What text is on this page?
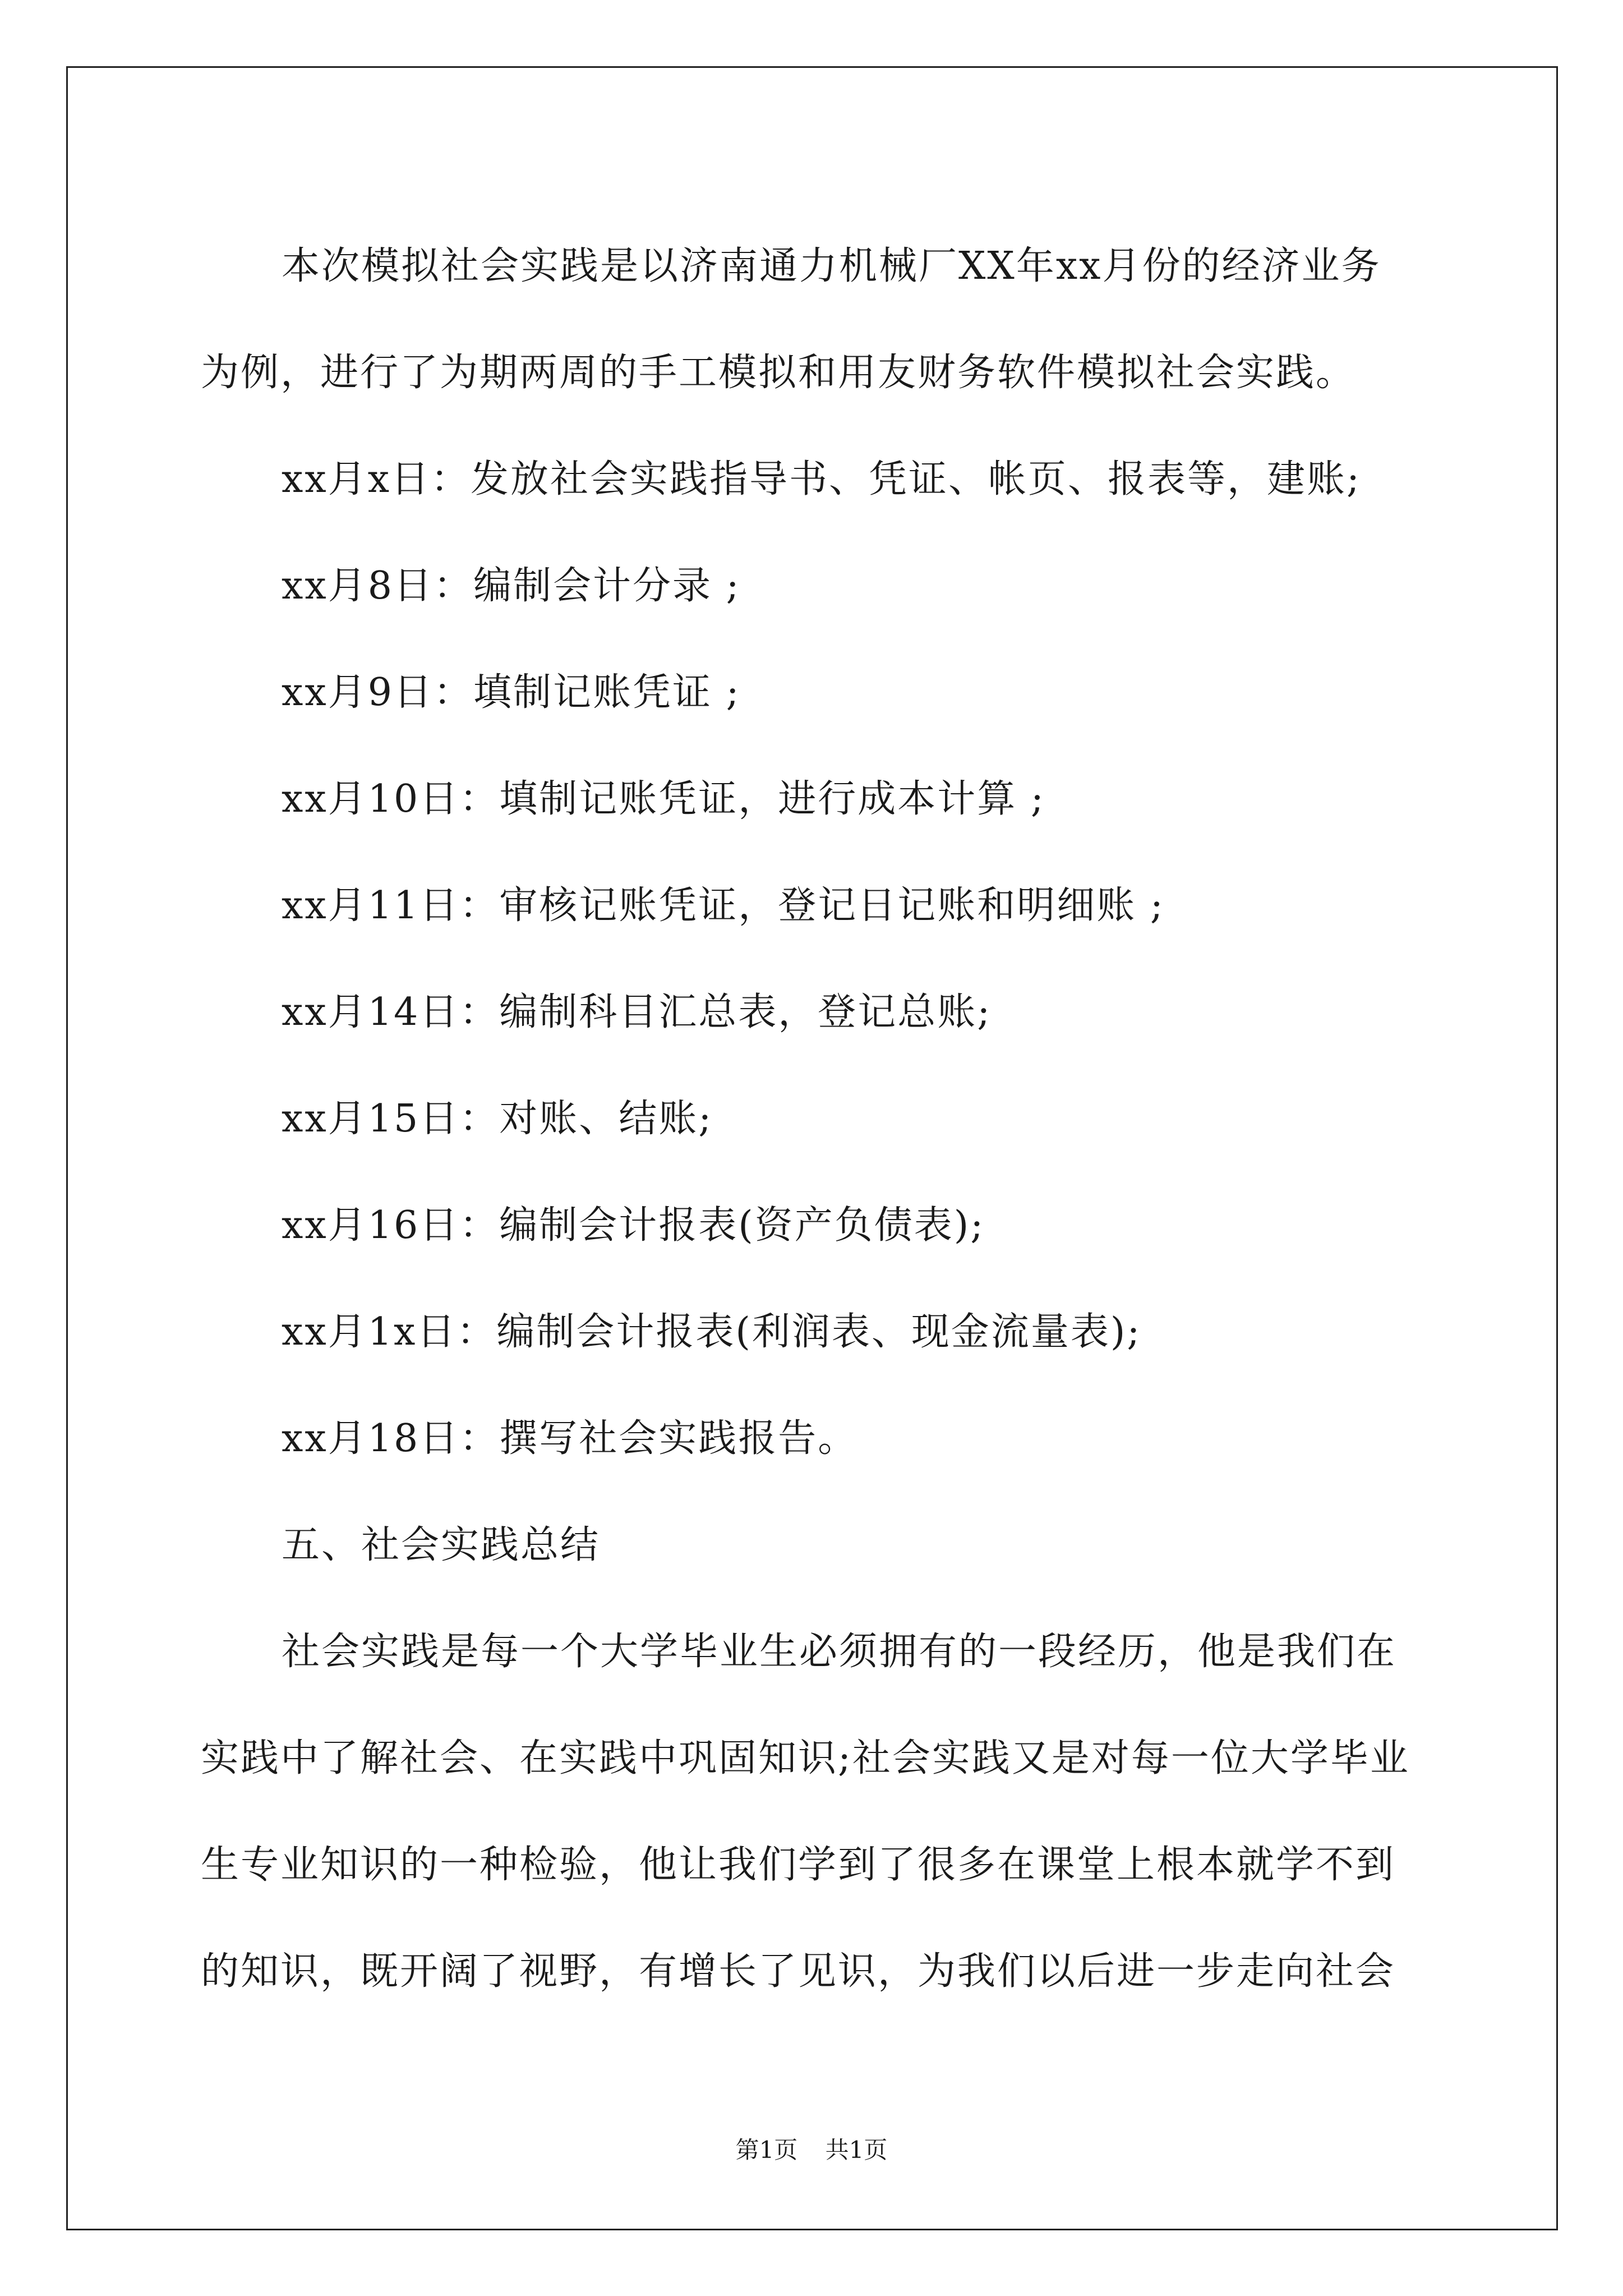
本次模拟社会实践是以济南通力机械厂XX年xx月份的经济业务
为例，进行了为期两周的手工模拟和用友财务软件模拟社会实践。

xx月x日：发放社会实践指导书、凭证、帐页、报表等，建账;
xx月8日：编制会计分录 ;
xx月9日：填制记账凭证 ;
xx月10日：填制记账凭证，进行成本计算 ;
xx月11日：审核记账凭证，登记日记账和明细账 ;
xx月14日：编制科目汇总表，登记总账;
xx月15日：对账、结账;
xx月16日：编制会计报表(资产负债表);
xx月1x日：编制会计报表(利润表、现金流量表);
xx月18日：撰写社会实践报告。

五、社会实践总结

社会实践是每一个大学毕业生必须拥有的一段经历，他是我们在
实践中了解社会、在实践中巩固知识;社会实践又是对每一位大学毕业
生专业知识的一种检验，他让我们学到了很多在课堂上根本就学不到
的知识，既开阔了视野，有增长了见识，为我们以后进一步走向社会

第1页 共1页
